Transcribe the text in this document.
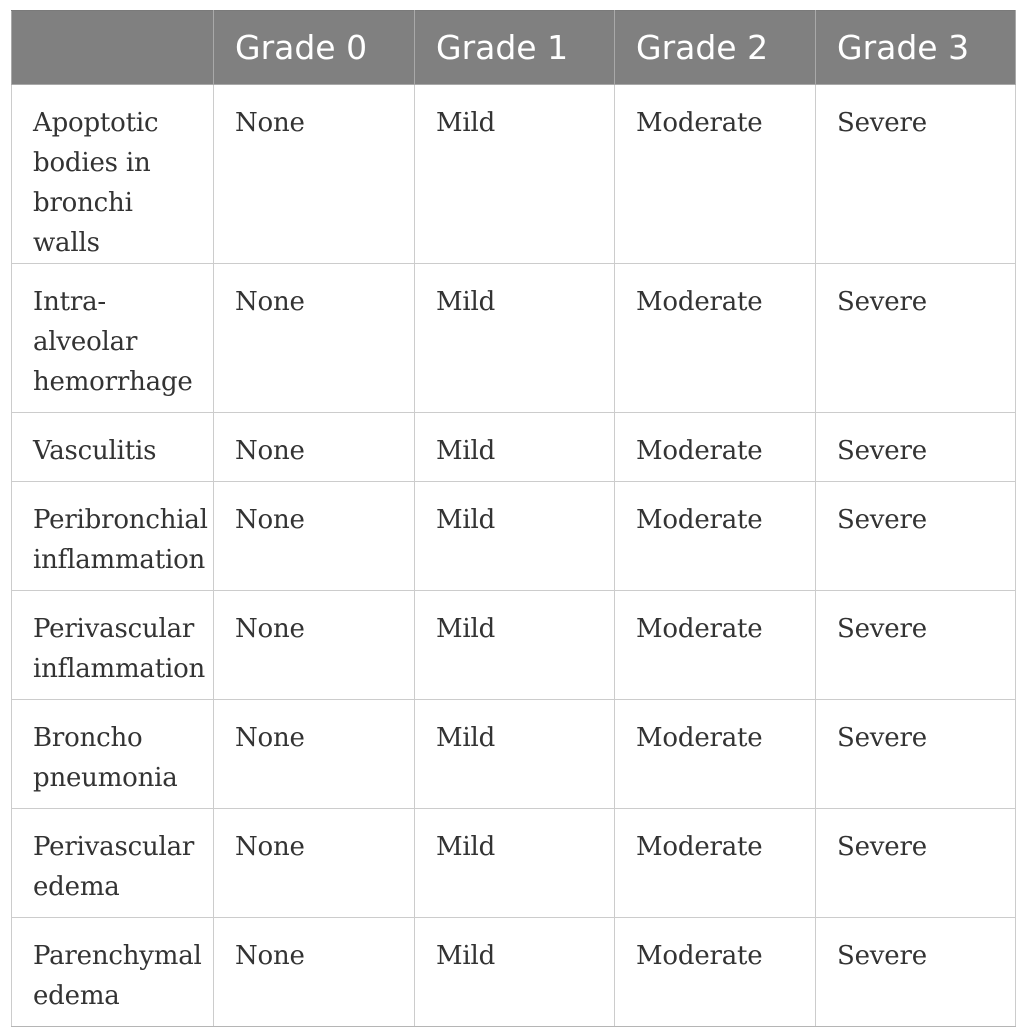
	Grade 0	Grade 1	Grade 2	Grade 3

Apoptotic bodies in bronchi walls	None	Mild	Moderate	Severe

Intra-alveolar hemorrhage	None	Mild	Moderate	Severe
Vasculitis	None	Mild	Moderate	Severe
Peribronchial inflammation	None	Mild	Moderate	Severe
Perivascular inflammation	None	Mild	Moderate	Severe

Broncho pneumonia	None	Mild	Moderate	Severe

Perivascular edema	None	Mild	Moderate	Severe

Parenchymal edema	None	Mild	Moderate	Severe
